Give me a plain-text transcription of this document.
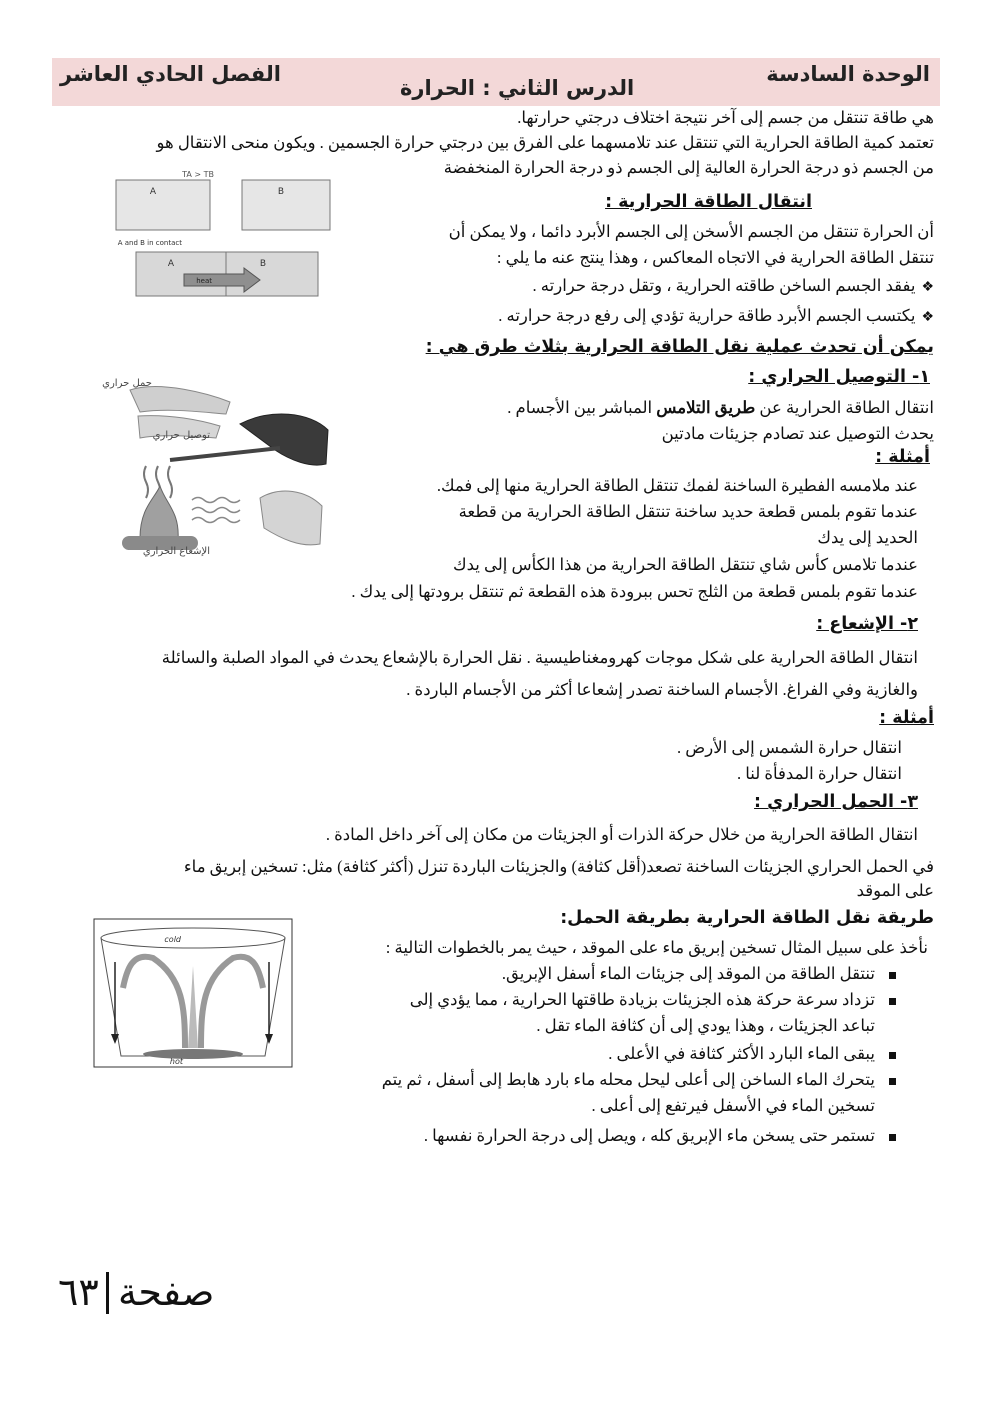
الوحدة السادسة
الدرس الثاني : الحرارة
الفصل الحادي العاشر
هي طاقة تنتقل من جسم إلى آخر نتيجة اختلاف درجتي حرارتها.
تعتمد كمية الطاقة الحرارية التي تنتقل عند تلامسهما على الفرق بين درجتي حرارة الجسمين . ويكون منحى الانتقال هو
من الجسم ذو درجة الحرارة العالية إلى الجسم ذو درجة الحرارة المنخفضة
TA > TB
A	B
A and B in contact
A	B
heat
انتقال الطاقة الحرارية :
أن الحرارة تنتقل من الجسم الأسخن إلى الجسم الأبرد دائما ، ولا يمكن أن
تنتقل الطاقة الحرارية في الاتجاه المعاكس ، وهذا ينتج عنه ما يلي :
❖يفقد الجسم الساخن طاقته الحرارية ، وتقل درجة حرارته .
❖يكتسب الجسم الأبرد طاقة حرارية تؤدي إلى رفع درجة حرارته .
يمكن أن تحدث عملية نقل الطاقة الحرارية بثلاث طرق هي :
حمل حراري
توصيل حراري
الإشعاع الحراري
١- التوصيل الحراري :
انتقال الطاقة الحرارية عن طريق التلامس المباشر بين الأجسام .
يحدث التوصيل عند تصادم جزيئات مادتين
أمثلة :
عند ملامسه الفطيرة الساخنة لفمك تنتقل الطاقة الحرارية منها إلى فمك.
عندما تقوم بلمس قطعة حديد ساخنة تنتقل الطاقة الحرارية من قطعة
الحديد إلى يدك
عندما تلامس كأس شاي تنتقل الطاقة الحرارية من هذا الكأس إلى يدك
عندما تقوم بلمس قطعة من الثلج تحس ببرودة هذه القطعة ثم تنتقل برودتها إلى يدك .
٢- الإشعاع :
انتقال الطاقة الحرارية على شكل موجات كهرومغناطيسية . نقل الحرارة بالإشعاع يحدث في المواد الصلبة والسائلة
والغازية وفي الفراغ. الأجسام الساخنة تصدر إشعاعا أكثر من الأجسام الباردة .
أمثلة :
انتقال حرارة الشمس إلى الأرض .
انتقال حرارة المدفأة لنا .
٣- الحمل الحراري :
انتقال الطاقة الحرارية من خلال حركة الذرات أو الجزيئات من مكان إلى آخر داخل المادة .
في الحمل الحراري الجزيئات الساخنة تصعد(أقل كثافة) والجزيئات الباردة تنزل (أكثر كثافة) مثل: تسخين إبريق ماء
على الموقد
طريقة نقل الطاقة الحرارية بطريقة الحمل:
نأخذ على سبيل المثال تسخين إبريق ماء على الموقد ، حيث يمر بالخطوات التالية :
تنتقل الطاقة من الموقد إلى جزيئات الماء أسفل الإبريق.
تزداد سرعة حركة هذه الجزيئات بزيادة طاقتها الحرارية ، مما يؤدي إلى
تباعد الجزيئات ، وهذا يودي إلى أن كثافة الماء تقل .
يبقى الماء البارد الأكثر كثافة في الأعلى .
يتحرك الماء الساخن إلى أعلى ليحل محله ماء بارد هابط إلى أسفل ، ثم يتم
تسخين الماء في الأسفل فيرتفع إلى أعلى .
تستمر حتى يسخن ماء الإبريق كله ، ويصل إلى درجة الحرارة نفسها .
cold
hot
صفحة
٦٣
